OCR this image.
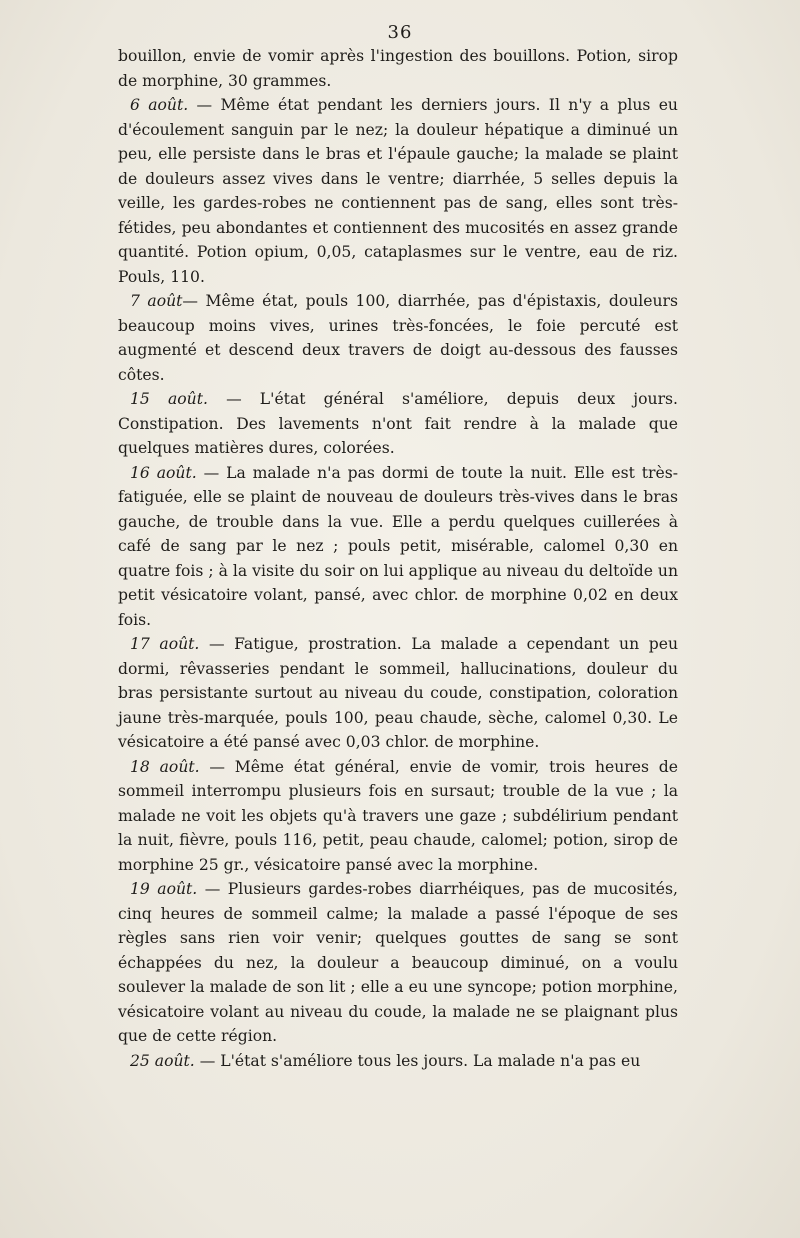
36

bouillon, envie de vomir après l'ingestion des bouillons. Potion, sirop de morphine, 30 grammes.

6 août. — Même état pendant les derniers jours. Il n'y a plus eu d'écoulement sanguin par le nez; la douleur hépatique a diminué un peu, elle persiste dans le bras et l'épaule gauche; la malade se plaint de douleurs assez vives dans le ventre; diarrhée, 5 selles depuis la veille, les gardes-robes ne contiennent pas de sang, elles sont très-fétides, peu abondantes et contiennent des mucosités en assez grande quantité. Potion opium, 0,05, cataplasmes sur le ventre, eau de riz. Pouls, 110.

7 août— Même état, pouls 100, diarrhée, pas d'épistaxis, douleurs beaucoup moins vives, urines très-foncées, le foie percuté est augmenté et descend deux travers de doigt au-dessous des fausses côtes.

15 août. — L'état général s'améliore, depuis deux jours. Constipation. Des lavements n'ont fait rendre à la malade que quelques matières dures, colorées.

16 août. — La malade n'a pas dormi de toute la nuit. Elle est très-fatiguée, elle se plaint de nouveau de douleurs très-vives dans le bras gauche, de trouble dans la vue. Elle a perdu quelques cuillerées à café de sang par le nez ; pouls petit, misérable, calomel 0,30 en quatre fois ; à la visite du soir on lui applique au niveau du deltoïde un petit vésicatoire volant, pansé, avec chlor. de morphine 0,02 en deux fois.

17 août. — Fatigue, prostration. La malade a cependant un peu dormi, rêvasseries pendant le sommeil, hallucinations, douleur du bras persistante surtout au niveau du coude, constipation, coloration jaune très-marquée, pouls 100, peau chaude, sèche, calomel 0,30. Le vésicatoire a été pansé avec 0,03 chlor. de morphine.

18 août. — Même état général, envie de vomir, trois heures de sommeil interrompu plusieurs fois en sursaut; trouble de la vue ; la malade ne voit les objets qu'à travers une gaze ; subdélirium pendant la nuit, fièvre, pouls 116, petit, peau chaude, calomel; potion, sirop de morphine 25 gr., vésicatoire pansé avec la morphine.

19 août. — Plusieurs gardes-robes diarrhéiques, pas de mucosités, cinq heures de sommeil calme; la malade a passé l'époque de ses règles sans rien voir venir; quelques gouttes de sang se sont échappées du nez, la douleur a beaucoup diminué, on a voulu soulever la malade de son lit ; elle a eu une syncope; potion morphine, vésicatoire volant au niveau du coude, la malade ne se plaignant plus que de cette région.

25 août. — L'état s'améliore tous les jours. La malade n'a pas eu
